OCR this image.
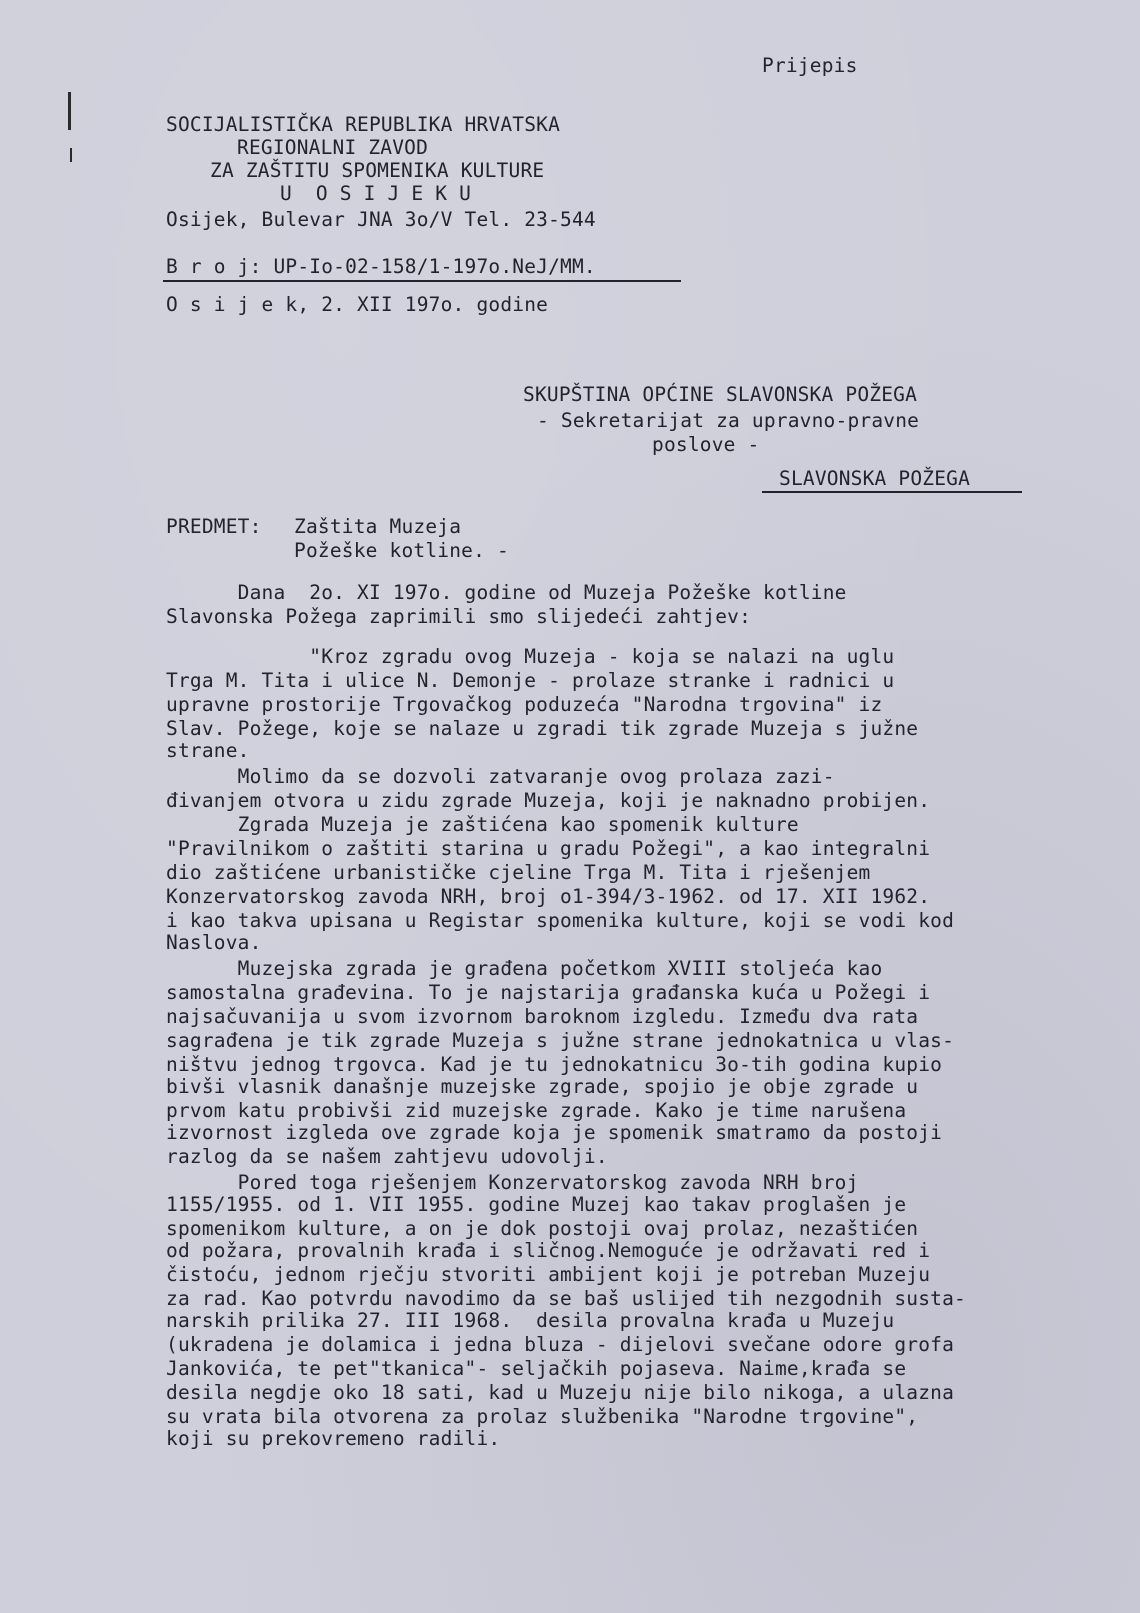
Prijepis
SOCIJALISTIČKA REPUBLIKA HRVATSKA
REGIONALNI ZAVOD
ZA ZAŠTITU SPOMENIKA KULTURE
U  O S I J E K U
Osijek, Bulevar JNA 3o/V Tel. 23-544
B r o j: UP-Io-02-158/1-197o.NeJ/MM.
O s i j e k, 2. XII 197o. godine
SKUPŠTINA OPĆINE SLAVONSKA POŽEGA
- Sekretarijat za upravno-pravne
poslove -
SLAVONSKA POŽEGA
PREDMET: Zaštita Muzeja
Požeške kotline. -
Dana  2o. XI 197o. godine od Muzeja Požeške kotline
Slavonska Požega zaprimili smo slijedeći zahtjev:
"Kroz zgradu ovog Muzeja - koja se nalazi na uglu
Trga M. Tita i ulice N. Demonje - prolaze stranke i radnici u
upravne prostorije Trgovačkog poduzeća "Narodna trgovina" iz
Slav. Požege, koje se nalaze u zgradi tik zgrade Muzeja s južne
strane.
Molimo da se dozvoli zatvaranje ovog prolaza zazi-
đivanjem otvora u zidu zgrade Muzeja, koji je naknadno probijen.
Zgrada Muzeja je zaštićena kao spomenik kulture
"Pravilnikom o zaštiti starina u gradu Požegi", a kao integralni
dio zaštićene urbanističke cjeline Trga M. Tita i rješenjem
Konzervatorskog zavoda NRH, broj o1-394/3-1962. od 17. XII 1962.
i kao takva upisana u Registar spomenika kulture, koji se vodi kod
Naslova.
Muzejska zgrada je građena početkom XVIII stoljeća kao
samostalna građevina. To je najstarija građanska kuća u Požegi i
najsačuvanija u svom izvornom baroknom izgledu. Između dva rata
sagrađena je tik zgrade Muzeja s južne strane jednokatnica u vlas-
ništvu jednog trgovca. Kad je tu jednokatnicu 3o-tih godina kupio
bivši vlasnik današnje muzejske zgrade, spojio je obje zgrade u
prvom katu probivši zid muzejske zgrade. Kako je time narušena
izvornost izgleda ove zgrade koja je spomenik smatramo da postoji
razlog da se našem zahtjevu udovolji.
Pored toga rješenjem Konzervatorskog zavoda NRH broj
1155/1955. od 1. VII 1955. godine Muzej kao takav proglašen je
spomenikom kulture, a on je dok postoji ovaj prolaz, nezaštićen
od požara, provalnih krađa i sličnog.Nemoguće je održavati red i
čistoću, jednom rječju stvoriti ambijent koji je potreban Muzeju
za rad. Kao potvrdu navodimo da se baš uslijed tih nezgodnih susta-
narskih prilika 27. III 1968.  desila provalna krađa u Muzeju
(ukradena je dolamica i jedna bluza - dijelovi svečane odore grofa
Jankovića, te pet"tkanica"- seljačkih pojaseva. Naime,krađa se
desila negdje oko 18 sati, kad u Muzeju nije bilo nikoga, a ulazna
su vrata bila otvorena za prolaz službenika "Narodne trgovine",
koji su prekovremeno radili.
